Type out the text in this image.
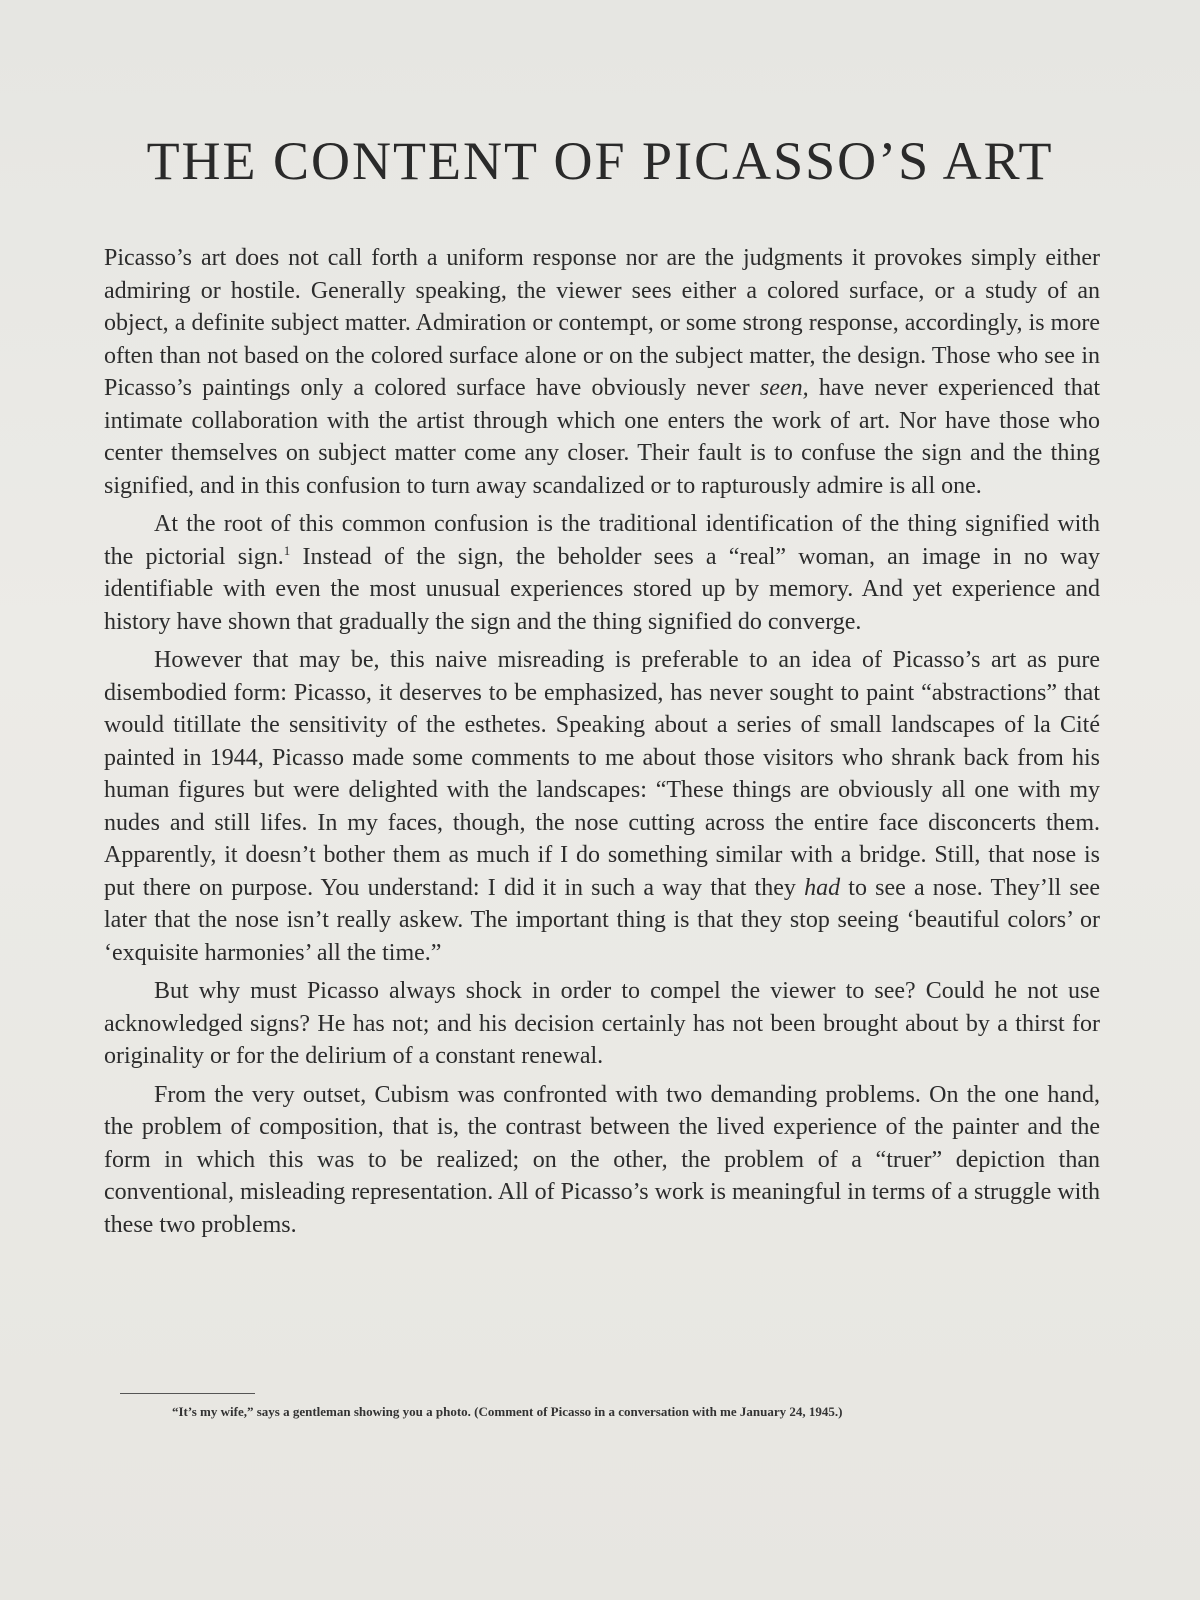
THE CONTENT OF PICASSO’S ART

Picasso’s art does not call forth a uniform response nor are the judgments it provokes simply either admiring or hostile. Generally speaking, the viewer sees either a colored surface, or a study of an object, a definite subject matter. Admiration or contempt, or some strong response, accordingly, is more often than not based on the colored surface alone or on the subject matter, the design. Those who see in Picasso’s paintings only a colored surface have obviously never seen, have never experienced that intimate collaboration with the artist through which one enters the work of art. Nor have those who center themselves on subject matter come any closer. Their fault is to confuse the sign and the thing signified, and in this confusion to turn away scandalized or to rapturously admire is all one.

At the root of this common confusion is the traditional identification of the thing signified with the pictorial sign.$^1$ Instead of the sign, the beholder sees a “real” woman, an image in no way identifiable with even the most unusual experiences stored up by memory. And yet experience and history have shown that gradually the sign and the thing signified do converge.

However that may be, this naive misreading is preferable to an idea of Picasso’s art as pure disembodied form: Picasso, it deserves to be emphasized, has never sought to paint “abstractions” that would titillate the sensitivity of the esthetes. Speaking about a series of small landscapes of la Cité painted in 1944, Picasso made some comments to me about those visitors who shrank back from his human figures but were delighted with the landscapes: “These things are obviously all one with my nudes and still lifes. In my faces, though, the nose cutting across the entire face disconcerts them. Apparently, it doesn’t bother them as much if I do something similar with a bridge. Still, that nose is put there on purpose. You understand: I did it in such a way that they had to see a nose. They’ll see later that the nose isn’t really askew. The important thing is that they stop seeing ‘beautiful colors’ or ‘exquisite harmonies’ all the time.”

But why must Picasso always shock in order to compel the viewer to see? Could he not use acknowledged signs? He has not; and his decision certainly has not been brought about by a thirst for originality or for the delirium of a constant renewal.

From the very outset, Cubism was confronted with two demanding problems. On the one hand, the problem of composition, that is, the contrast between the lived experience of the painter and the form in which this was to be realized; on the other, the problem of a “truer” depiction than conventional, misleading representation. All of Picasso’s work is meaningful in terms of a struggle with these two problems.

“It’s my wife,” says a gentleman showing you a photo. (Comment of Picasso in a conversation with me January 24, 1945.)
